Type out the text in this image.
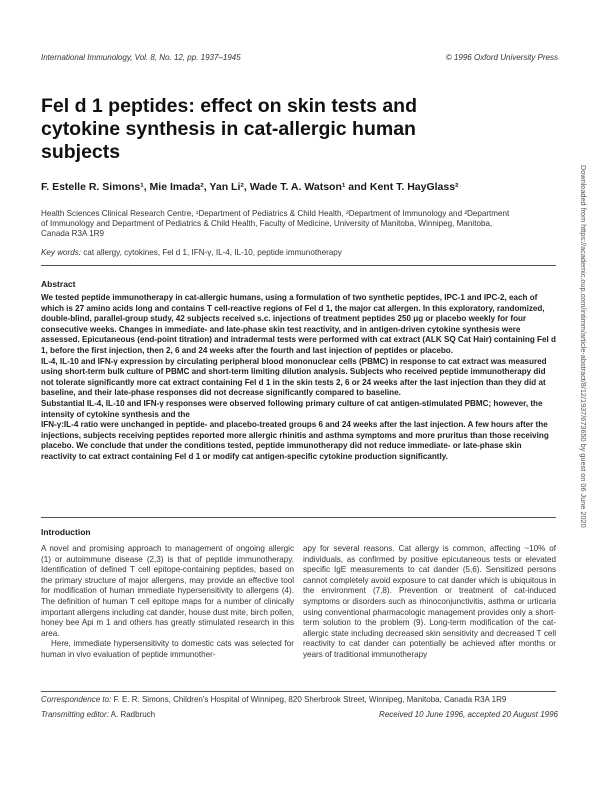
International Immunology, Vol. 8, No. 12, pp. 1937–1945	© 1996 Oxford University Press
Fel d 1 peptides: effect on skin tests and cytokine synthesis in cat-allergic human subjects
F. Estelle R. Simons¹, Mie Imada², Yan Li², Wade T. A. Watson¹ and Kent T. HayGlass²
Health Sciences Clinical Research Centre, ¹Department of Pediatrics & Child Health, ²Department of Immunology and ²Department of Immunology and Department of Pediatrics & Child Health, Faculty of Medicine, University of Manitoba, Winnipeg, Manitoba, Canada R3A 1R9
Key words: cat allergy, cytokines, Fel d 1, IFN-γ, IL-4, IL-10, peptide immunotherapy
Abstract

We tested peptide immunotherapy in cat-allergic humans, using a formulation of two synthetic peptides, IPC-1 and IPC-2, each of which is 27 amino acids long and contains T cell-reactive regions of Fel d 1, the major cat allergen. In this exploratory, randomized, double-blind, parallel-group study, 42 subjects received s.c. injections of treatment peptides 250 μg or placebo weekly for four consecutive weeks. Changes in immediate- and late-phase skin test reactivity, and in antigen-driven cytokine synthesis were assessed. Epicutaneous (end-point titration) and intradermal tests were performed with cat extract (ALK SQ Cat Hair) containing Fel d 1, before the first injection, then 2, 6 and 24 weeks after the fourth and last injection of peptides or placebo.

IL-4, IL-10 and IFN-γ expression by circulating peripheral blood mononuclear cells (PBMC) in response to cat extract was measured using short-term bulk culture of PBMC and short-term limiting dilution analysis. Subjects who received peptide immunotherapy did not tolerate significantly more cat extract containing Fel d 1 in the skin tests 2, 6 or 24 weeks after the last injection than they did at baseline, and their late-phase responses did not decrease significantly compared to baseline.

Substantial IL-4, IL-10 and IFN-γ responses were observed following primary culture of cat antigen-stimulated PBMC; however, the intensity of cytokine synthesis and the

IFN-γ:IL-4 ratio were unchanged in peptide- and placebo-treated groups 6 and 24 weeks after the last injection. A few hours after the injections, subjects receiving peptides reported more allergic rhinitis and asthma symptoms and more pruritus than those receiving placebo. We conclude that under the conditions tested, peptide immunotherapy did not reduce immediate- or late-phase skin reactivity to cat extract containing Fel d 1 or modify cat antigen-specific cytokine production significantly.

Introduction

A novel and promising approach to management of ongoing allergic (1) or autoimmune disease (2,3) is that of peptide immunotherapy. Identification of defined T cell epitope-containing peptides, based on the primary structure of major allergens, may provide an effective tool for modification of human immediate hypersensitivity to allergens (4). The definition of human T cell epitope maps for a number of clinically important allergens including cat dander, house dust mite, birch pollen, honey bee Api m 1 and others has greatly stimulated research in this area.

Here, immediate hypersensitivity to domestic cats was selected for human in vivo evaluation of peptide immunother-

apy for several reasons. Cat allergy is common, affecting ~10% of individuals, as confirmed by positive epicutaneous tests or elevated specific IgE measurements to cat dander (5,6). Sensitized persons cannot completely avoid exposure to cat dander which is ubiquitous in the environment (7,8). Prevention or treatment of cat-induced symptoms or disorders such as rhinoconjunctivitis, asthma or urticaria using conventional pharmacologic management provides only a short-term solution to the problem (9). Long-term modification of the cat-allergic state including decreased skin sensitivity and decreased T cell reactivity to cat dander can potentially be achieved after months or years of traditional immunotherapy

Correspondence to: F. E. R. Simons, Children's Hospital of Winnipeg, 820 Sherbrook Street, Winnipeg, Manitoba, Canada R3A 1R9
Transmitting editor: A. Radbruch	Received 10 June 1996, accepted 20 August 1996
Downloaded from https://academic.oup.com/intimm/article-abstract/8/12/1937/673650 by guest on 06 June 2020
